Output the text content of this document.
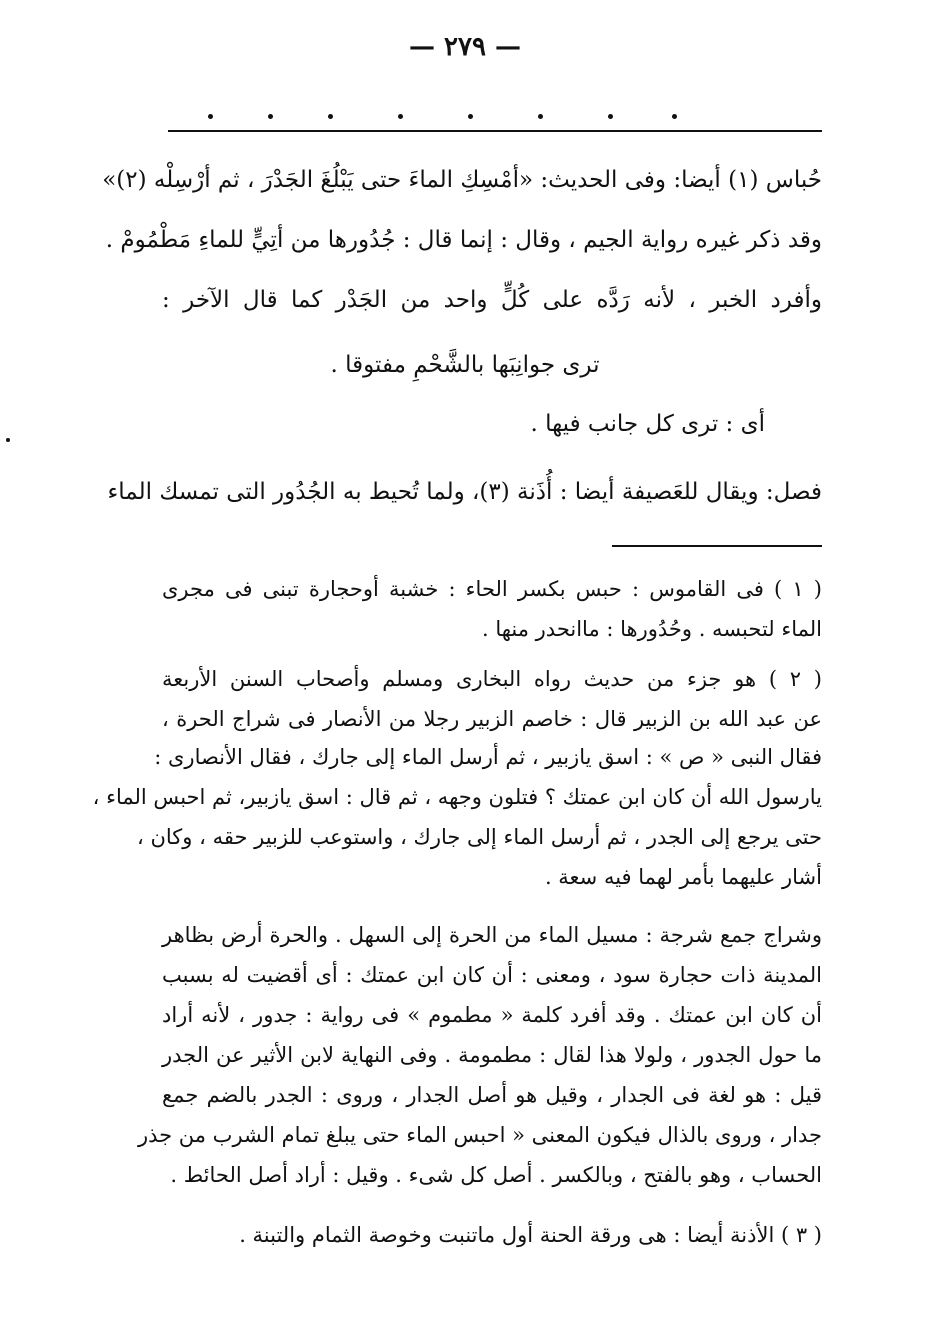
— ٢٧٩ —
حُباس (١) أيضا: وفى الحديث: «أمْسِكِ الماءَ حتى يَبْلُغَ الجَدْرَ ، ثم أرْسِلْه (٢)»
وقد ذكر غيره رواية الجيم ، وقال : إنما قال : جُدُورها من أتِيٍّ للماءِ مَطْمُومْ .
وأفرد الخبر ، لأنه رَدَّه على كُلٍّ واحد من الجَدْر كما قال الآخر :
ترى جوانِبَها بالشَّحْمِ مفتوقا .
أى : ترى كل جانب فيها .
فصل: ويقال للعَصيفة أيضا : أُذَنة (٣)، ولما تُحيط به الجُدُور التى تمسك الماء
( ١ ) فى القاموس : حبس بكسر الحاء : خشبة أوحجارة تبنى فى مجرى
الماء لتحبسه . وحُدُورها : ماانحدر منها .
( ٢ ) هو جزء من حديث رواه البخارى ومسلم وأصحاب السنن الأربعة
عن عبد الله بن الزبير قال : خاصم الزبير رجلا من الأنصار فى شراج الحرة ،
فقال النبى « ص » : اسق يازبير ، ثم أرسل الماء إلى جارك ، فقال الأنصارى :
يارسول الله أن كان ابن عمتك ؟ فتلون وجهه ، ثم قال : اسق يازبير، ثم احبس الماء ،
حتى يرجع إلى الجدر ، ثم أرسل الماء إلى جارك ، واستوعب للزبير حقه ، وكان ،
أشار عليهما بأمر لهما فيه سعة .
وشراج جمع شرجة : مسيل الماء من الحرة إلى السهل . والحرة أرض بظاهر
المدينة ذات حجارة سود ، ومعنى : أن كان ابن عمتك : أى أقضيت له بسبب
أن كان ابن عمتك . وقد أفرد كلمة « مطموم » فى رواية : جدور ، لأنه أراد
ما حول الجدور ، ولولا هذا لقال : مطمومة . وفى النهاية لابن الأثير عن الجدر
قيل : هو لغة فى الجدار ، وقيل هو أصل الجدار ، وروى : الجدر بالضم جمع
جدار ، وروى بالذال فيكون المعنى « احبس الماء حتى يبلغ تمام الشرب من جذر
الحساب ، وهو بالفتح ، وبالكسر . أصل كل شىء . وقيل : أراد أصل الحائط .
( ٣ ) الأذنة أيضا : هى ورقة الحنة أول ماتنبت وخوصة الثمام والتبنة .
